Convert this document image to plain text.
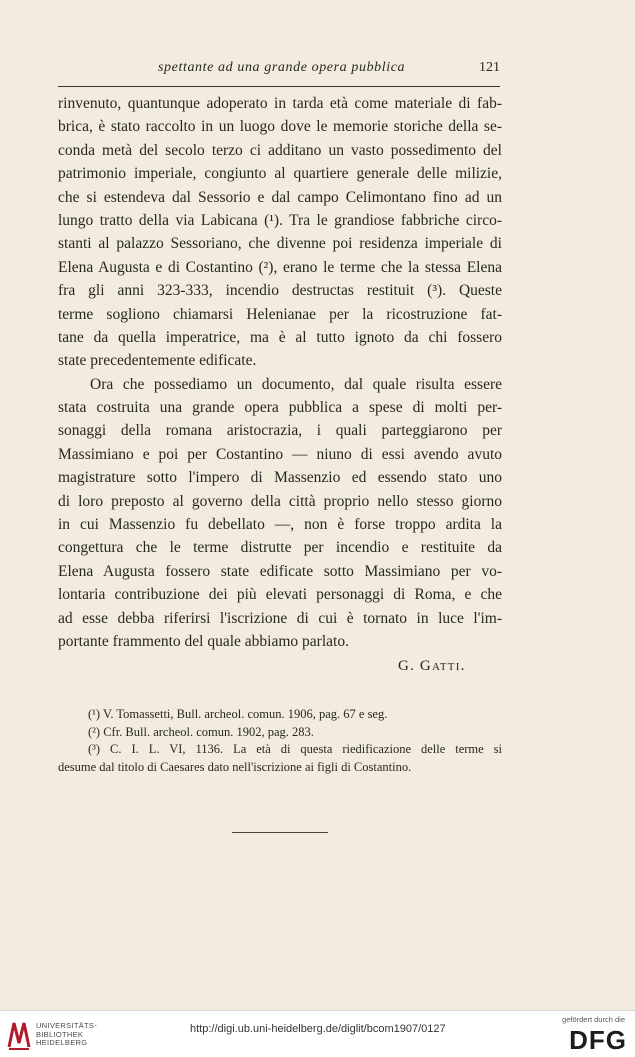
spettante ad una grande opera pubblica	121
rinvenuto, quantunque adoperato in tarda età come materiale di fab-
brica, è stato raccolto in un luogo dove le memorie storiche della se-
conda metà del secolo terzo ci additano un vasto possedimento del
patrimonio imperiale, congiunto al quartiere generale delle milizie,
che si estendeva dal Sessorio e dal campo Celimontano fino ad un
lungo tratto della via Labicana (¹). Tra le grandiose fabbriche circo-
stanti al palazzo Sessoriano, che divenne poi residenza imperiale di
Elena Augusta e di Costantino (²), erano le terme che la stessa Elena
fra gli anni 323-333, incendio destructas restituit (³). Queste
terme sogliono chiamarsi Helenianae per la ricostruzione fat-
tane da quella imperatrice, ma è al tutto ignoto da chi fossero
state precedentemente edificate.
Ora che possediamo un documento, dal quale risulta essere
stata costruita una grande opera pubblica a spese di molti per-
sonaggi della romana aristocrazia, i quali parteggiarono per
Massimiano e poi per Costantino — niuno di essi avendo avuto
magistrature sotto l'impero di Massenzio ed essendo stato uno
di loro preposto al governo della città proprio nello stesso giorno
in cui Massenzio fu debellato —, non è forse troppo ardita la
congettura che le terme distrutte per incendio e restituite da
Elena Augusta fossero state edificate sotto Massimiano per vo-
lontaria contribuzione dei più elevati personaggi di Roma, e che
ad esse debba riferirsi l'iscrizione di cui è tornato in luce l'im-
portante frammento del quale abbiamo parlato.
G. Gatti.
(¹) V. Tomassetti, Bull. archeol. comun. 1906, pag. 67 e seg.
(²) Cfr. Bull. archeol. comun. 1902, pag. 283.
(³) C. I. L. VI, 1136. La età di questa riedificazione delle terme si
desume dal titolo di Caesares dato nell'iscrizione ai figli di Costantino.
UNIVERSITÄTS-
BIBLIOTHEK
HEIDELBERG
http://digi.ub.uni-heidelberg.de/diglit/bcom1907/0127
gefördert durch die
DFG
